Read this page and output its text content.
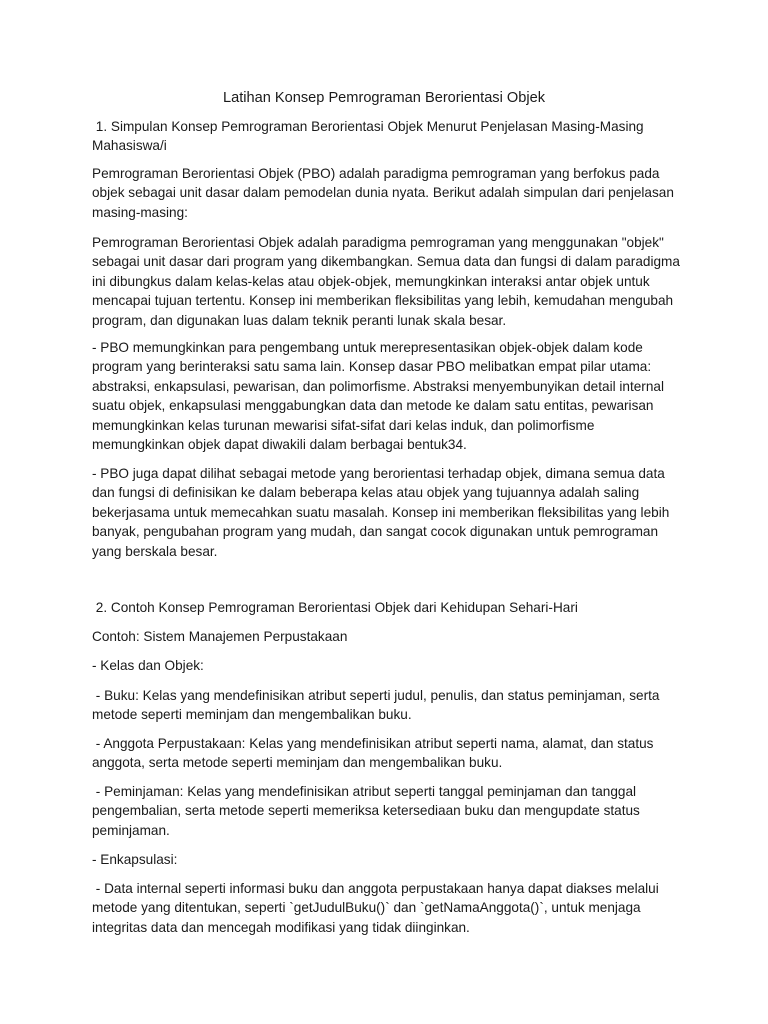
Latihan Konsep Pemrograman Berorientasi Objek

1. Simpulan Konsep Pemrograman Berorientasi Objek Menurut Penjelasan Masing-Masing Mahasiswa/i

Pemrograman Berorientasi Objek (PBO) adalah paradigma pemrograman yang berfokus pada objek sebagai unit dasar dalam pemodelan dunia nyata. Berikut adalah simpulan dari penjelasan masing-masing:

Pemrograman Berorientasi Objek adalah paradigma pemrograman yang menggunakan "objek" sebagai unit dasar dari program yang dikembangkan. Semua data dan fungsi di dalam paradigma ini dibungkus dalam kelas-kelas atau objek-objek, memungkinkan interaksi antar objek untuk mencapai tujuan tertentu. Konsep ini memberikan fleksibilitas yang lebih, kemudahan mengubah program, dan digunakan luas dalam teknik peranti lunak skala besar.

- PBO memungkinkan para pengembang untuk merepresentasikan objek-objek dalam kode program yang berinteraksi satu sama lain. Konsep dasar PBO melibatkan empat pilar utama: abstraksi, enkapsulasi, pewarisan, dan polimorfisme. Abstraksi menyembunyikan detail internal suatu objek, enkapsulasi menggabungkan data dan metode ke dalam satu entitas, pewarisan memungkinkan kelas turunan mewarisi sifat-sifat dari kelas induk, dan polimorfisme memungkinkan objek dapat diwakili dalam berbagai bentuk34.

- PBO juga dapat dilihat sebagai metode yang berorientasi terhadap objek, dimana semua data dan fungsi di definisikan ke dalam beberapa kelas atau objek yang tujuannya adalah saling bekerjasama untuk memecahkan suatu masalah. Konsep ini memberikan fleksibilitas yang lebih banyak, pengubahan program yang mudah, dan sangat cocok digunakan untuk pemrograman yang berskala besar.

2. Contoh Konsep Pemrograman Berorientasi Objek dari Kehidupan Sehari-Hari

Contoh: Sistem Manajemen Perpustakaan

- Kelas dan Objek:

- Buku: Kelas yang mendefinisikan atribut seperti judul, penulis, dan status peminjaman, serta metode seperti meminjam dan mengembalikan buku.

- Anggota Perpustakaan: Kelas yang mendefinisikan atribut seperti nama, alamat, dan status anggota, serta metode seperti meminjam dan mengembalikan buku.

- Peminjaman: Kelas yang mendefinisikan atribut seperti tanggal peminjaman dan tanggal pengembalian, serta metode seperti memeriksa ketersediaan buku dan mengupdate status peminjaman.

- Enkapsulasi:

- Data internal seperti informasi buku dan anggota perpustakaan hanya dapat diakses melalui metode yang ditentukan, seperti `getJudulBuku()` dan `getNamaAnggota()`, untuk menjaga integritas data dan mencegah modifikasi yang tidak diinginkan.
